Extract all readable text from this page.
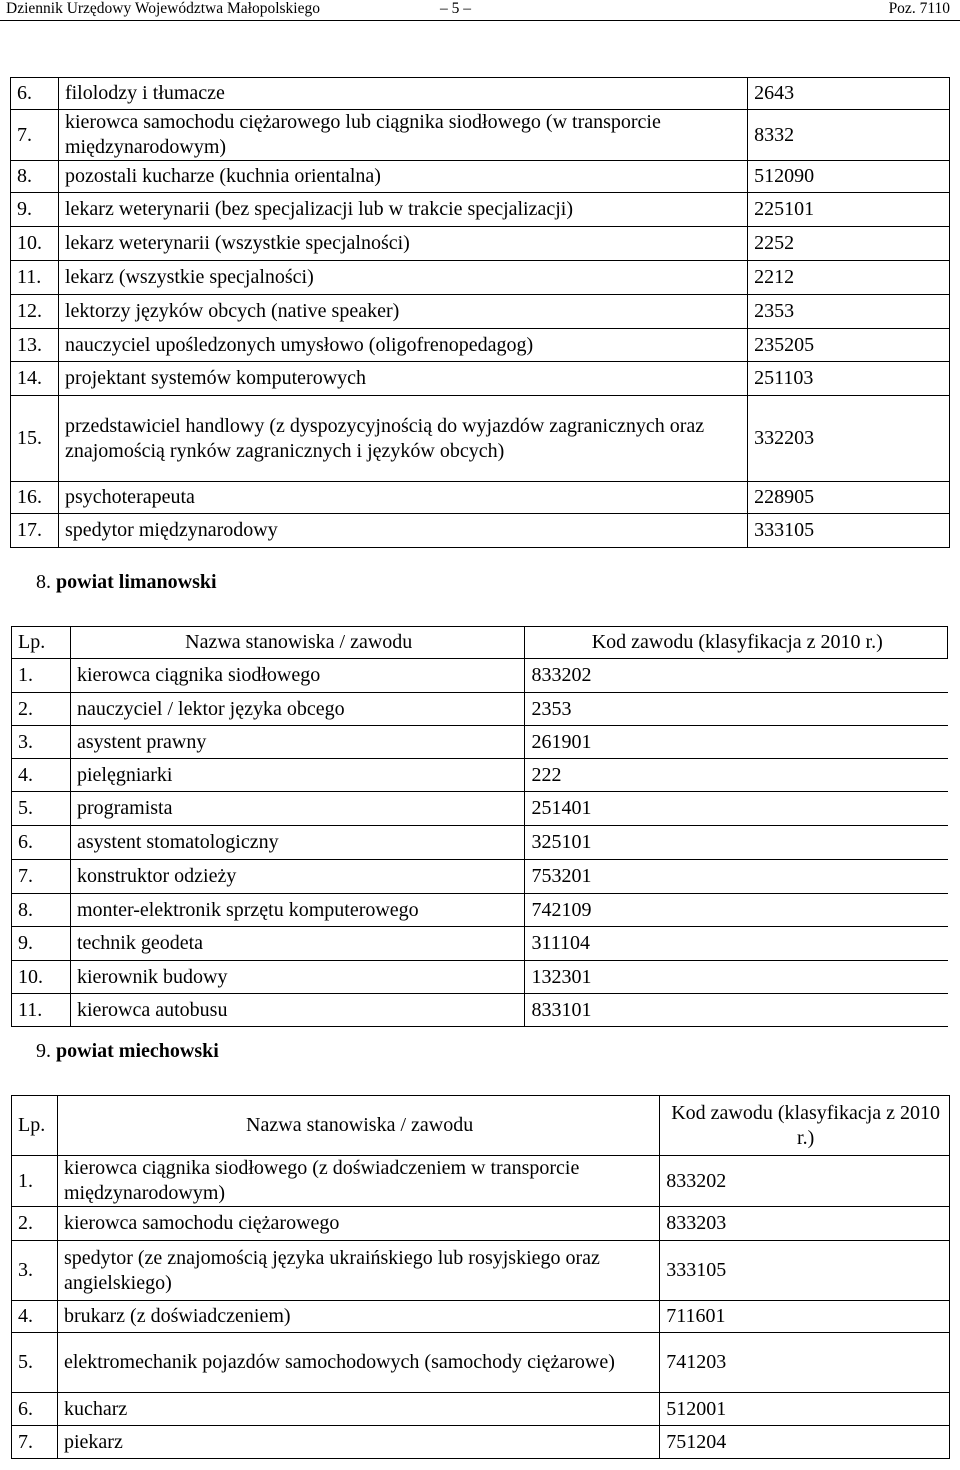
Dziennik Urzędowy Województwa Małopolskiego	– 5 –	Poz. 7110
6.	filolodzy i tłumacze	2643
7.	kierowca samochodu ciężarowego lub ciągnika siodłowego (w transporcie międzynarodowym)	8332
8.	pozostali kucharze (kuchnia orientalna)	512090
9.	lekarz weterynarii (bez specjalizacji lub w trakcie specjalizacji)	225101
10.	lekarz weterynarii (wszystkie specjalności)	2252
11.	lekarz (wszystkie specjalności)	2212
12.	lektorzy języków obcych (native speaker)	2353
13.	nauczyciel upośledzonych umysłowo (oligofrenopedagog)	235205
14.	projektant systemów komputerowych	251103
15.	przedstawiciel handlowy (z dyspozycyjnością do wyjazdów zagranicznych oraz znajomością rynków zagranicznych i języków obcych)	332203
16.	psychoterapeuta	228905
17.	spedytor międzynarodowy	333105
8. powiat limanowski
Lp.	Nazwa stanowiska / zawodu	Kod zawodu (klasyfikacja z 2010 r.)
1.	kierowca ciągnika siodłowego	833202
2.	nauczyciel / lektor języka obcego	2353
3.	asystent prawny	261901
4.	pielęgniarki	222
5.	programista	251401
6.	asystent stomatologiczny	325101
7.	konstruktor odzieży	753201
8.	monter-elektronik sprzętu komputerowego	742109
9.	technik geodeta	311104
10.	kierownik budowy	132301
11.	kierowca autobusu	833101
9. powiat miechowski
Lp.	Nazwa stanowiska / zawodu	Kod zawodu (klasyfikacja z 2010 r.)
1.	kierowca ciągnika siodłowego (z doświadczeniem w transporcie międzynarodowym)	833202
2.	kierowca samochodu ciężarowego	833203
3.	spedytor (ze znajomością języka ukraińskiego lub rosyjskiego oraz angielskiego)	333105
4.	brukarz (z doświadczeniem)	711601
5.	elektromechanik pojazdów samochodowych (samochody ciężarowe)	741203
6.	kucharz	512001
7.	piekarz	751204
